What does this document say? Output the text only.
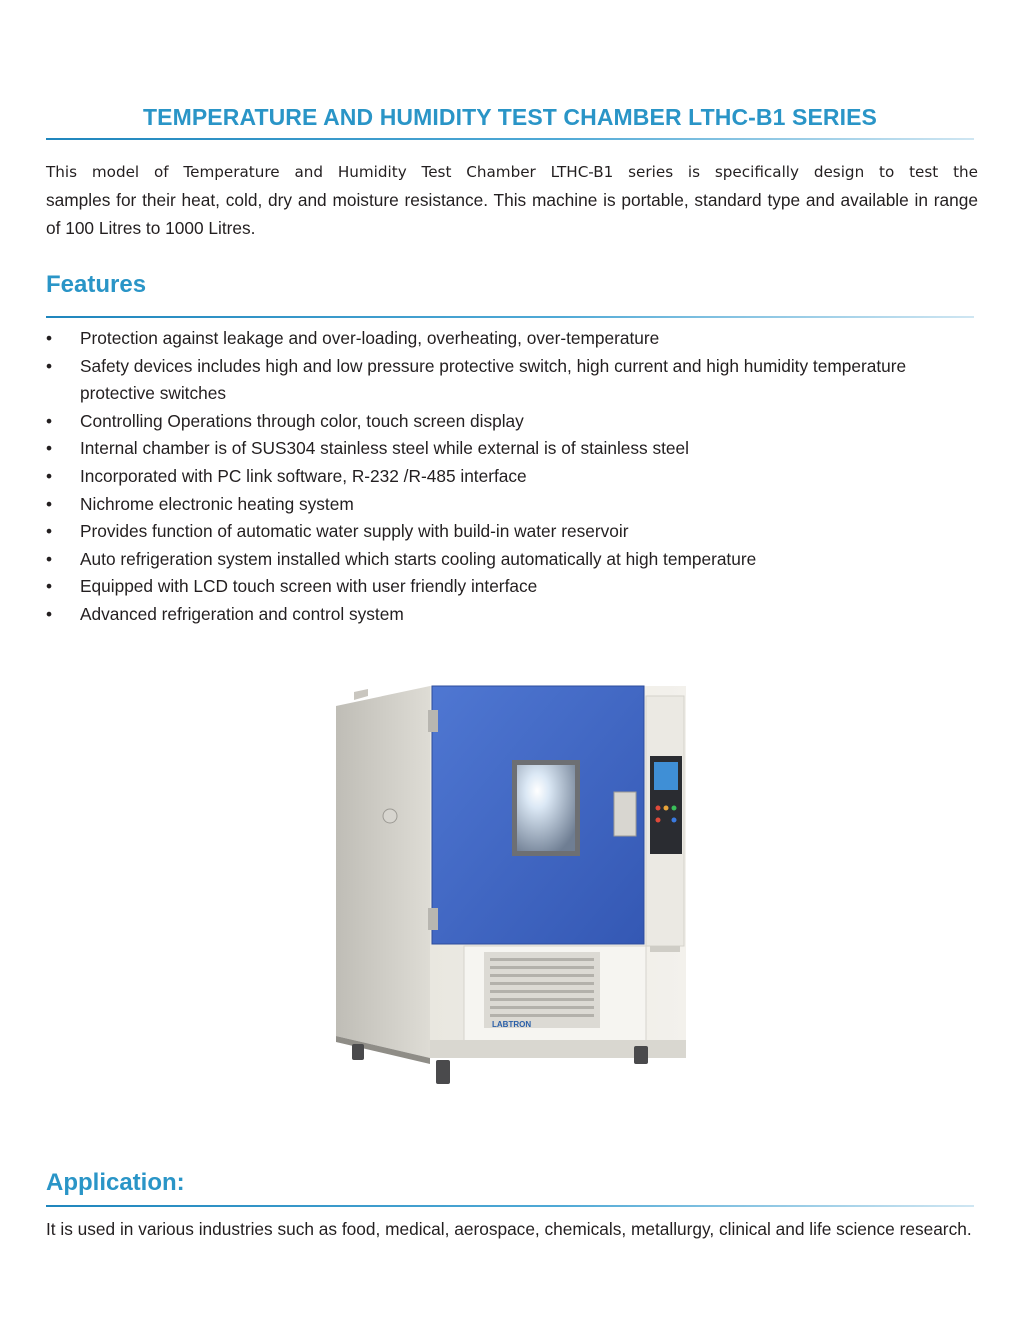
TEMPERATURE AND HUMIDITY TEST CHAMBER LTHC-B1 SERIES
This model of Temperature and Humidity Test Chamber LTHC-B1 series is specifically design to test the
samples for their heat, cold, dry and moisture resistance. This machine is portable, standard type and available in range of 100 Litres to 1000 Litres.
Features
• Protection against leakage and over-loading, overheating, over-temperature
• Safety devices includes high and low pressure protective switch, high current and high humidity temperature protective switches
• Controlling Operations through color, touch screen display
• Internal chamber is of SUS304 stainless steel while external is of stainless steel
• Incorporated with PC link software, R-232 /R-485 interface
• Nichrome electronic heating system
• Provides function of automatic water supply with build-in water reservoir
• Auto refrigeration system installed which starts cooling automatically at high temperature
• Equipped with LCD touch screen with user friendly interface
• Advanced refrigeration and control system
LABTRON
Application:
It is used in various industries such as food, medical, aerospace, chemicals, metallurgy, clinical and life science research.
